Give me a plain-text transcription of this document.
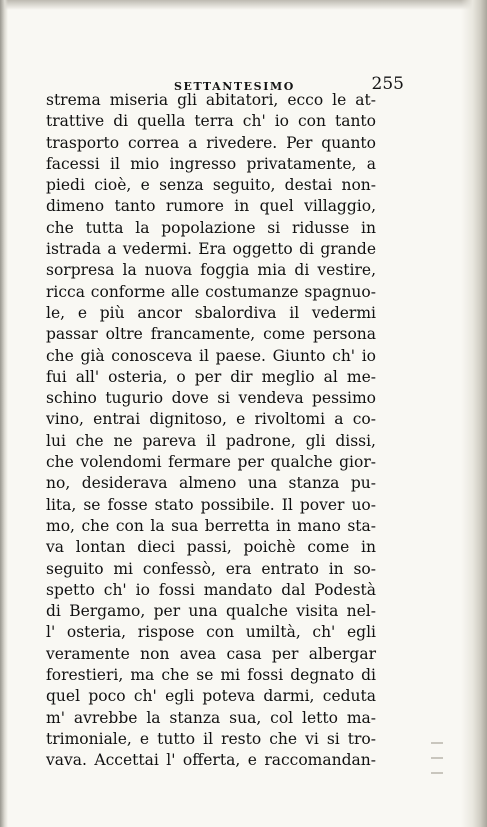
SETTANTESIMO	255
strema miseria gli abitatori, ecco le at-
trattive di quella terra ch' io con tanto
trasporto correa a rivedere. Per quanto
facessi il mio ingresso privatamente, a
piedi cioè, e senza seguito, destai non-
dimeno tanto rumore in quel villaggio,
che tutta la popolazione si ridusse in
istrada a vedermi. Era oggetto di grande
sorpresa la nuova foggia mia di vestire,
ricca conforme alle costumanze spagnuo-
le, e più ancor sbalordiva il vedermi
passar oltre francamente, come persona
che già conosceva il paese. Giunto ch' io
fui all' osteria, o per dir meglio al me-
schino tugurio dove si vendeva pessimo
vino, entrai dignitoso, e rivoltomi a co-
lui che ne pareva il padrone, gli dissi,
che volendomi fermare per qualche gior-
no, desiderava almeno una stanza pu-
lita, se fosse stato possibile. Il pover uo-
mo, che con la sua berretta in mano sta-
va lontan dieci passi, poichè come in
seguito mi confessò, era entrato in so-
spetto ch' io fossi mandato dal Podestà
di Bergamo, per una qualche visita nel-
l' osteria, rispose con umiltà, ch' egli
veramente non avea casa per albergar
forestieri, ma che se mi fossi degnato di
quel poco ch' egli poteva darmi, ceduta
m' avrebbe la stanza sua, col letto ma-
trimoniale, e tutto il resto che vi si tro-
vava. Accettai l' offerta, e raccomandan-
